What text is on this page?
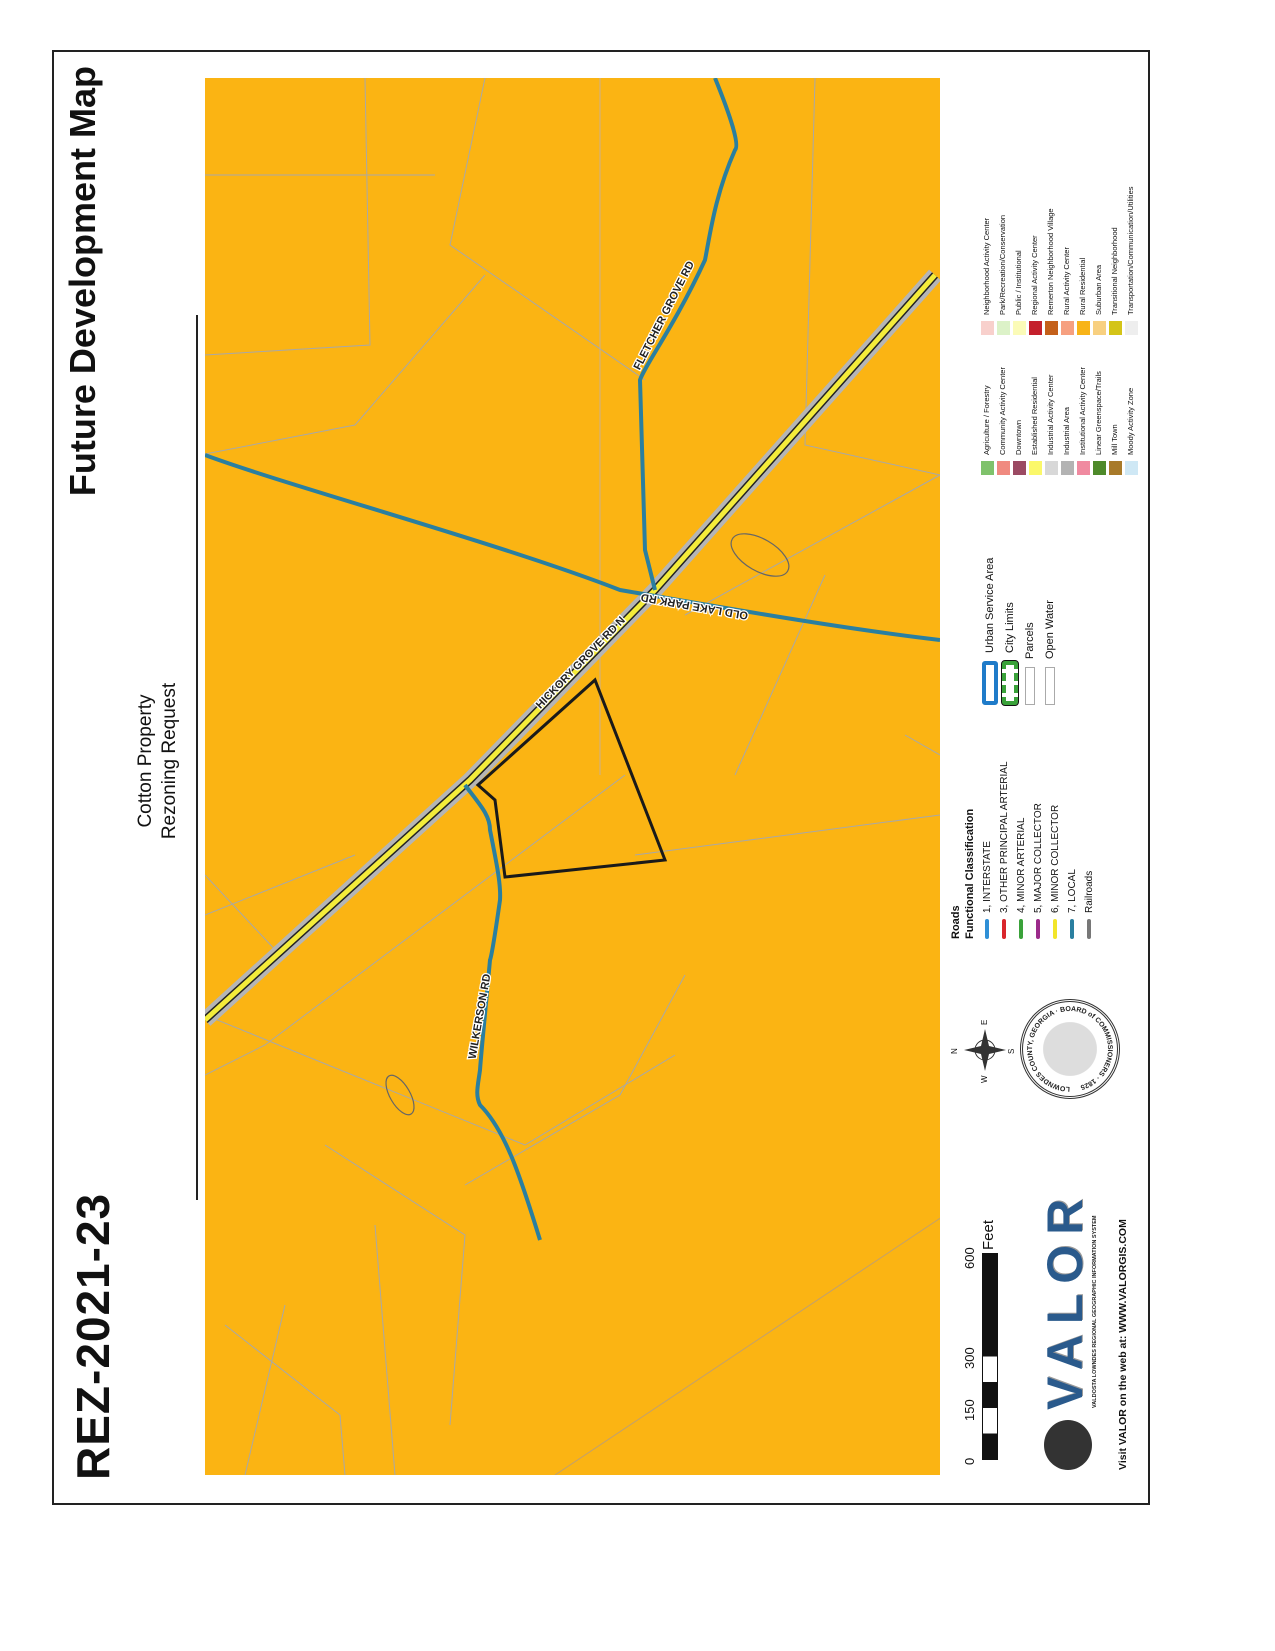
REZ-2021-23
Future Development Map
Cotton Property Rezoning Request
HICKORY GROVE RD N
OLD LAKE PARK RD
FLETCHER GROVE RD
WILKERSON RD
0
150
300
600
Feet VALOR VALDOSTA LOWNDES REGIONAL GEOGRAPHIC INFORMATION SYSTEM Visit VALOR on the web at: WWW.VALORGIS.COM
N	S
E
W
LOWNDES COUNTY, GEORGIA · BOARD of COMMISSIONERS · 1825
Roads Functional Classification 1, INTERSTATE 3, OTHER PRINCIPAL ARTERIAL 4, MINOR ARTERIAL 5, MAJOR COLLECTOR 6, MINOR COLLECTOR 7, LOCAL Railroads
Urban Service Area City Limits Parcels Open Water
Agriculture / Forestry Community Activity Center Downtown Established Residential Industrial Activity Center Industrial Area Institutional Activity Center Linear Greenspace/Trails Mill Town Moody Activity Zone
Neighborhood Activity Center Park/Recreation/Conservation Public / Institutional Regional Activity Center Remerton Neighborhood Village Rural Activity Center Rural Residential Suburban Area Transitional Neighborhood Transportation/Communication/Utilities
